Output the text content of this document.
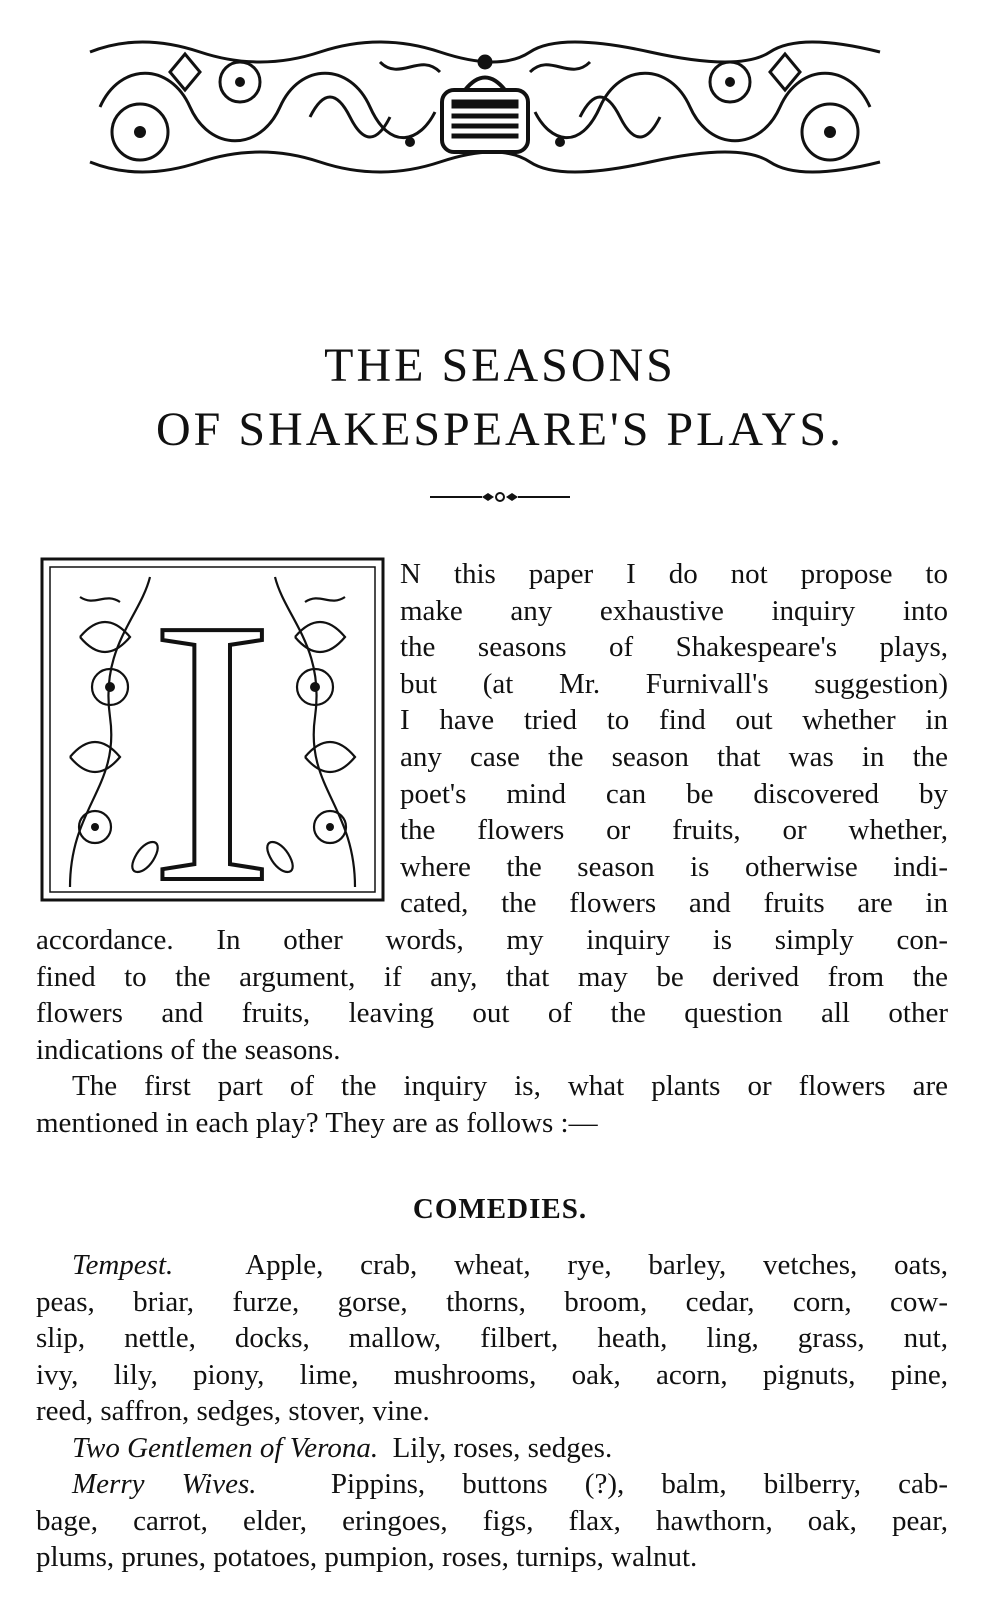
THE SEASONS
OF SHAKESPEARE'S PLAYS.
I	N this paper I do not propose to
make any exhaustive inquiry into
the seasons of Shakespeare's plays,
but (at Mr. Furnivall's suggestion)
I have tried to find out whether in
any case the season that was in the
poet's mind can be discovered by
the flowers or fruits, or whether,
where the season is otherwise indi-
cated, the flowers and fruits are in

accordance. In other words, my inquiry is simply con-
fined to the argument, if any, that may be derived from the
flowers and fruits, leaving out of the question all other
indications of the seasons.

The first part of the inquiry is, what plants or flowers are
mentioned in each play? They are as follows :—

COMEDIES.

Tempest. Apple, crab, wheat, rye, barley, vetches, oats,
peas, briar, furze, gorse, thorns, broom, cedar, corn, cow-
slip, nettle, docks, mallow, filbert, heath, ling, grass, nut,
ivy, lily, piony, lime, mushrooms, oak, acorn, pignuts, pine,
reed, saffron, sedges, stover, vine.

Two Gentlemen of Verona. Lily, roses, sedges.

Merry Wives.	Pippins, buttons (?), balm, bilberry, cab-
bage, carrot, elder, eringoes, figs, flax, hawthorn, oak, pear,
plums, prunes, potatoes, pumpion, roses, turnips, walnut.
